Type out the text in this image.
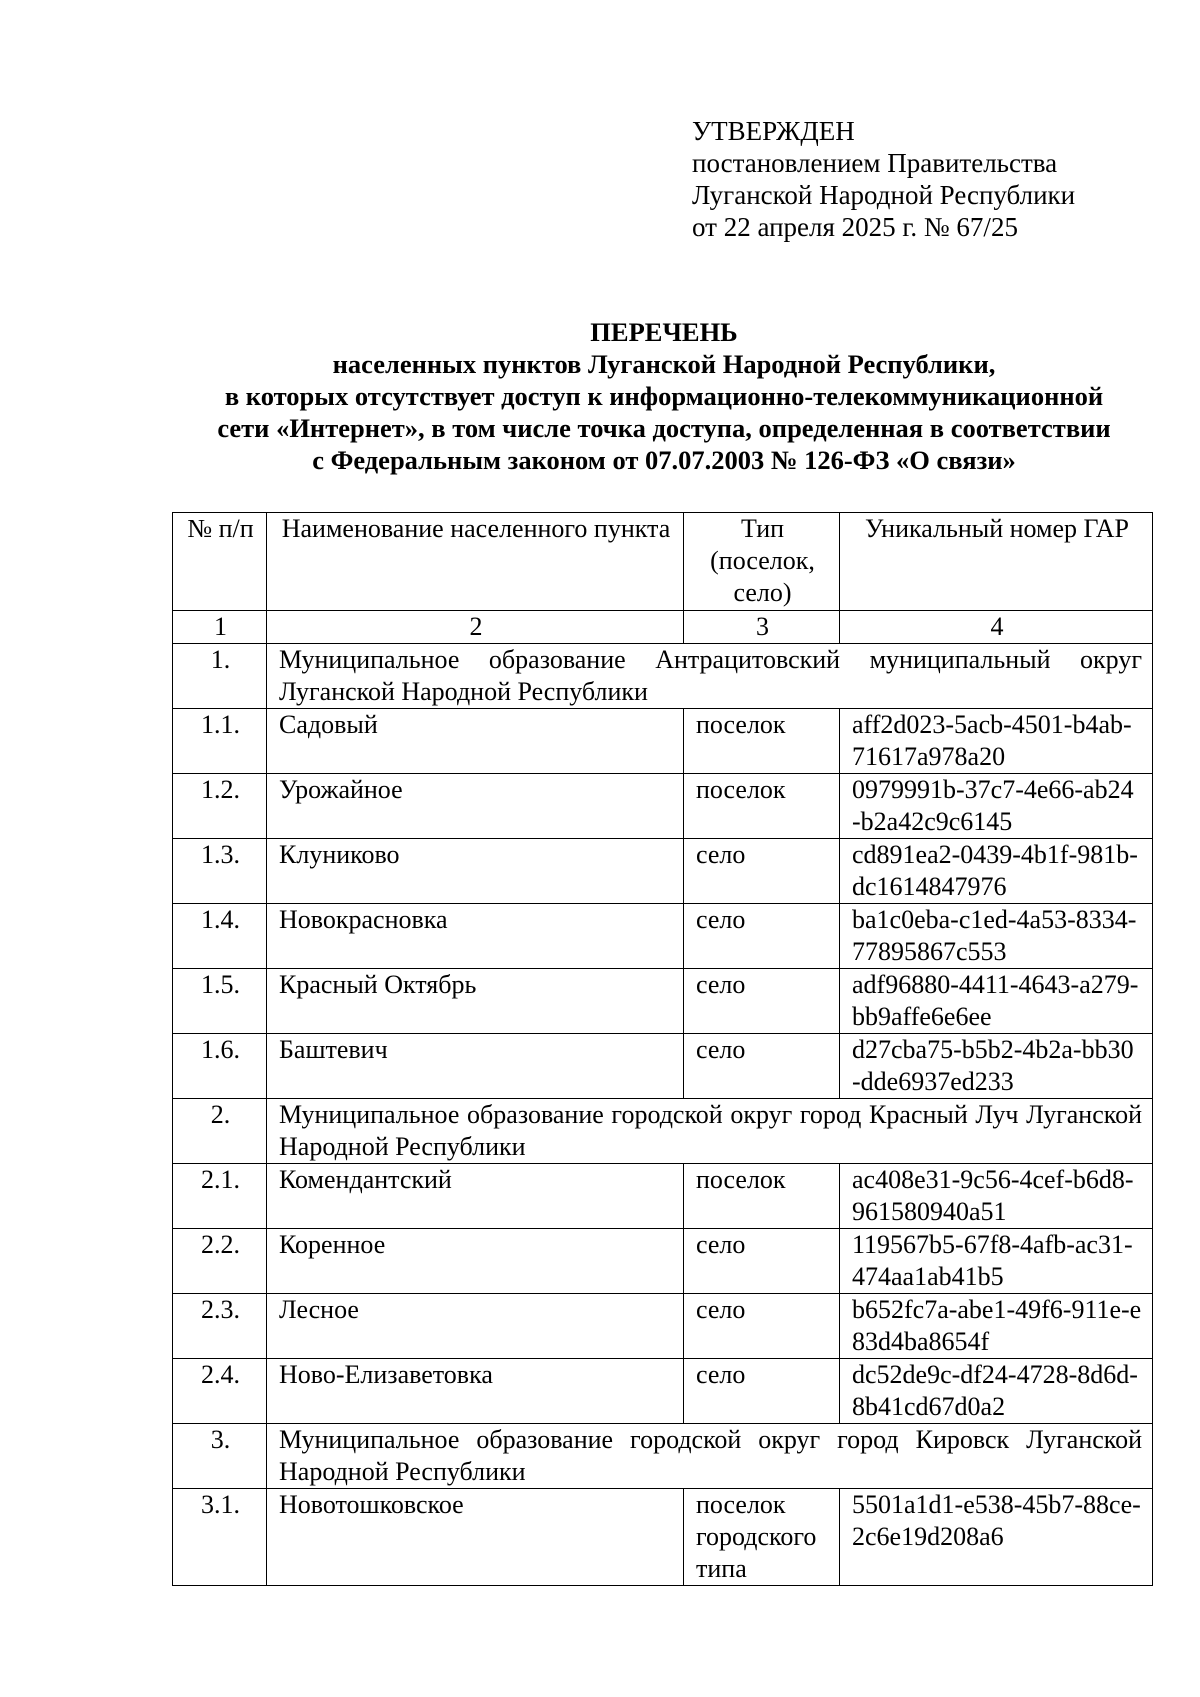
УТВЕРЖДЕН
постановлением Правительства
Луганской Народной Республики
от 22 апреля 2025 г. № 67/25
ПЕРЕЧЕНЬ
населенных пунктов Луганской Народной Республики,
в которых отсутствует доступ к информационно-телекоммуникационной
сети «Интернет», в том числе точка доступа, определенная в соответствии
с Федеральным законом от 07.07.2003 № 126-ФЗ «О связи»
№ п/п	Наименование населенного пункта	Тип (поселок, село)	Уникальный номер ГАР
1	2	3	4
1.	Муниципальное образование Антрацитовский муниципальный округ Луганской Народной Республики		
1.1.	Садовый	поселок	aff2d023-5acb-4501-b4ab-71617a978a20

1.2.	Урожайное	поселок	0979991b-37c7-4e66-ab24-b2a42c9c6145

1.3.	Клуниково	село	cd891ea2-0439-4b1f-981b-dc1614847976

1.4.	Новокрасновка	село	ba1c0eba-c1ed-4a53-8334-77895867c553

1.5.	Красный Октябрь	село	adf96880-4411-4643-a279-bb9affe6e6ee

1.6.	Баштевич	село	d27cba75-b5b2-4b2a-bb30-dde6937ed233

2.	Муниципальное образование городской округ город Красный Луч Луганской Народной Республики		
2.1.	Комендантский	поселок	ac408e31-9c56-4cef-b6d8-961580940a51

2.2.	Коренное	село	119567b5-67f8-4afb-ac31-474aa1ab41b5

2.3.	Лесное	село	b652fc7a-abe1-49f6-911e-e83d4ba8654f

2.4.	Ново-Елизаветовка	село	dc52de9c-df24-4728-8d6d-8b41cd67d0a2

3.	Муниципальное образование городской округ город Кировск Луганской Народной Республики		
3.1.	Новотошковское	поселок городского типа	5501a1d1-e538-45b7-88ce-2c6e19d208a6
